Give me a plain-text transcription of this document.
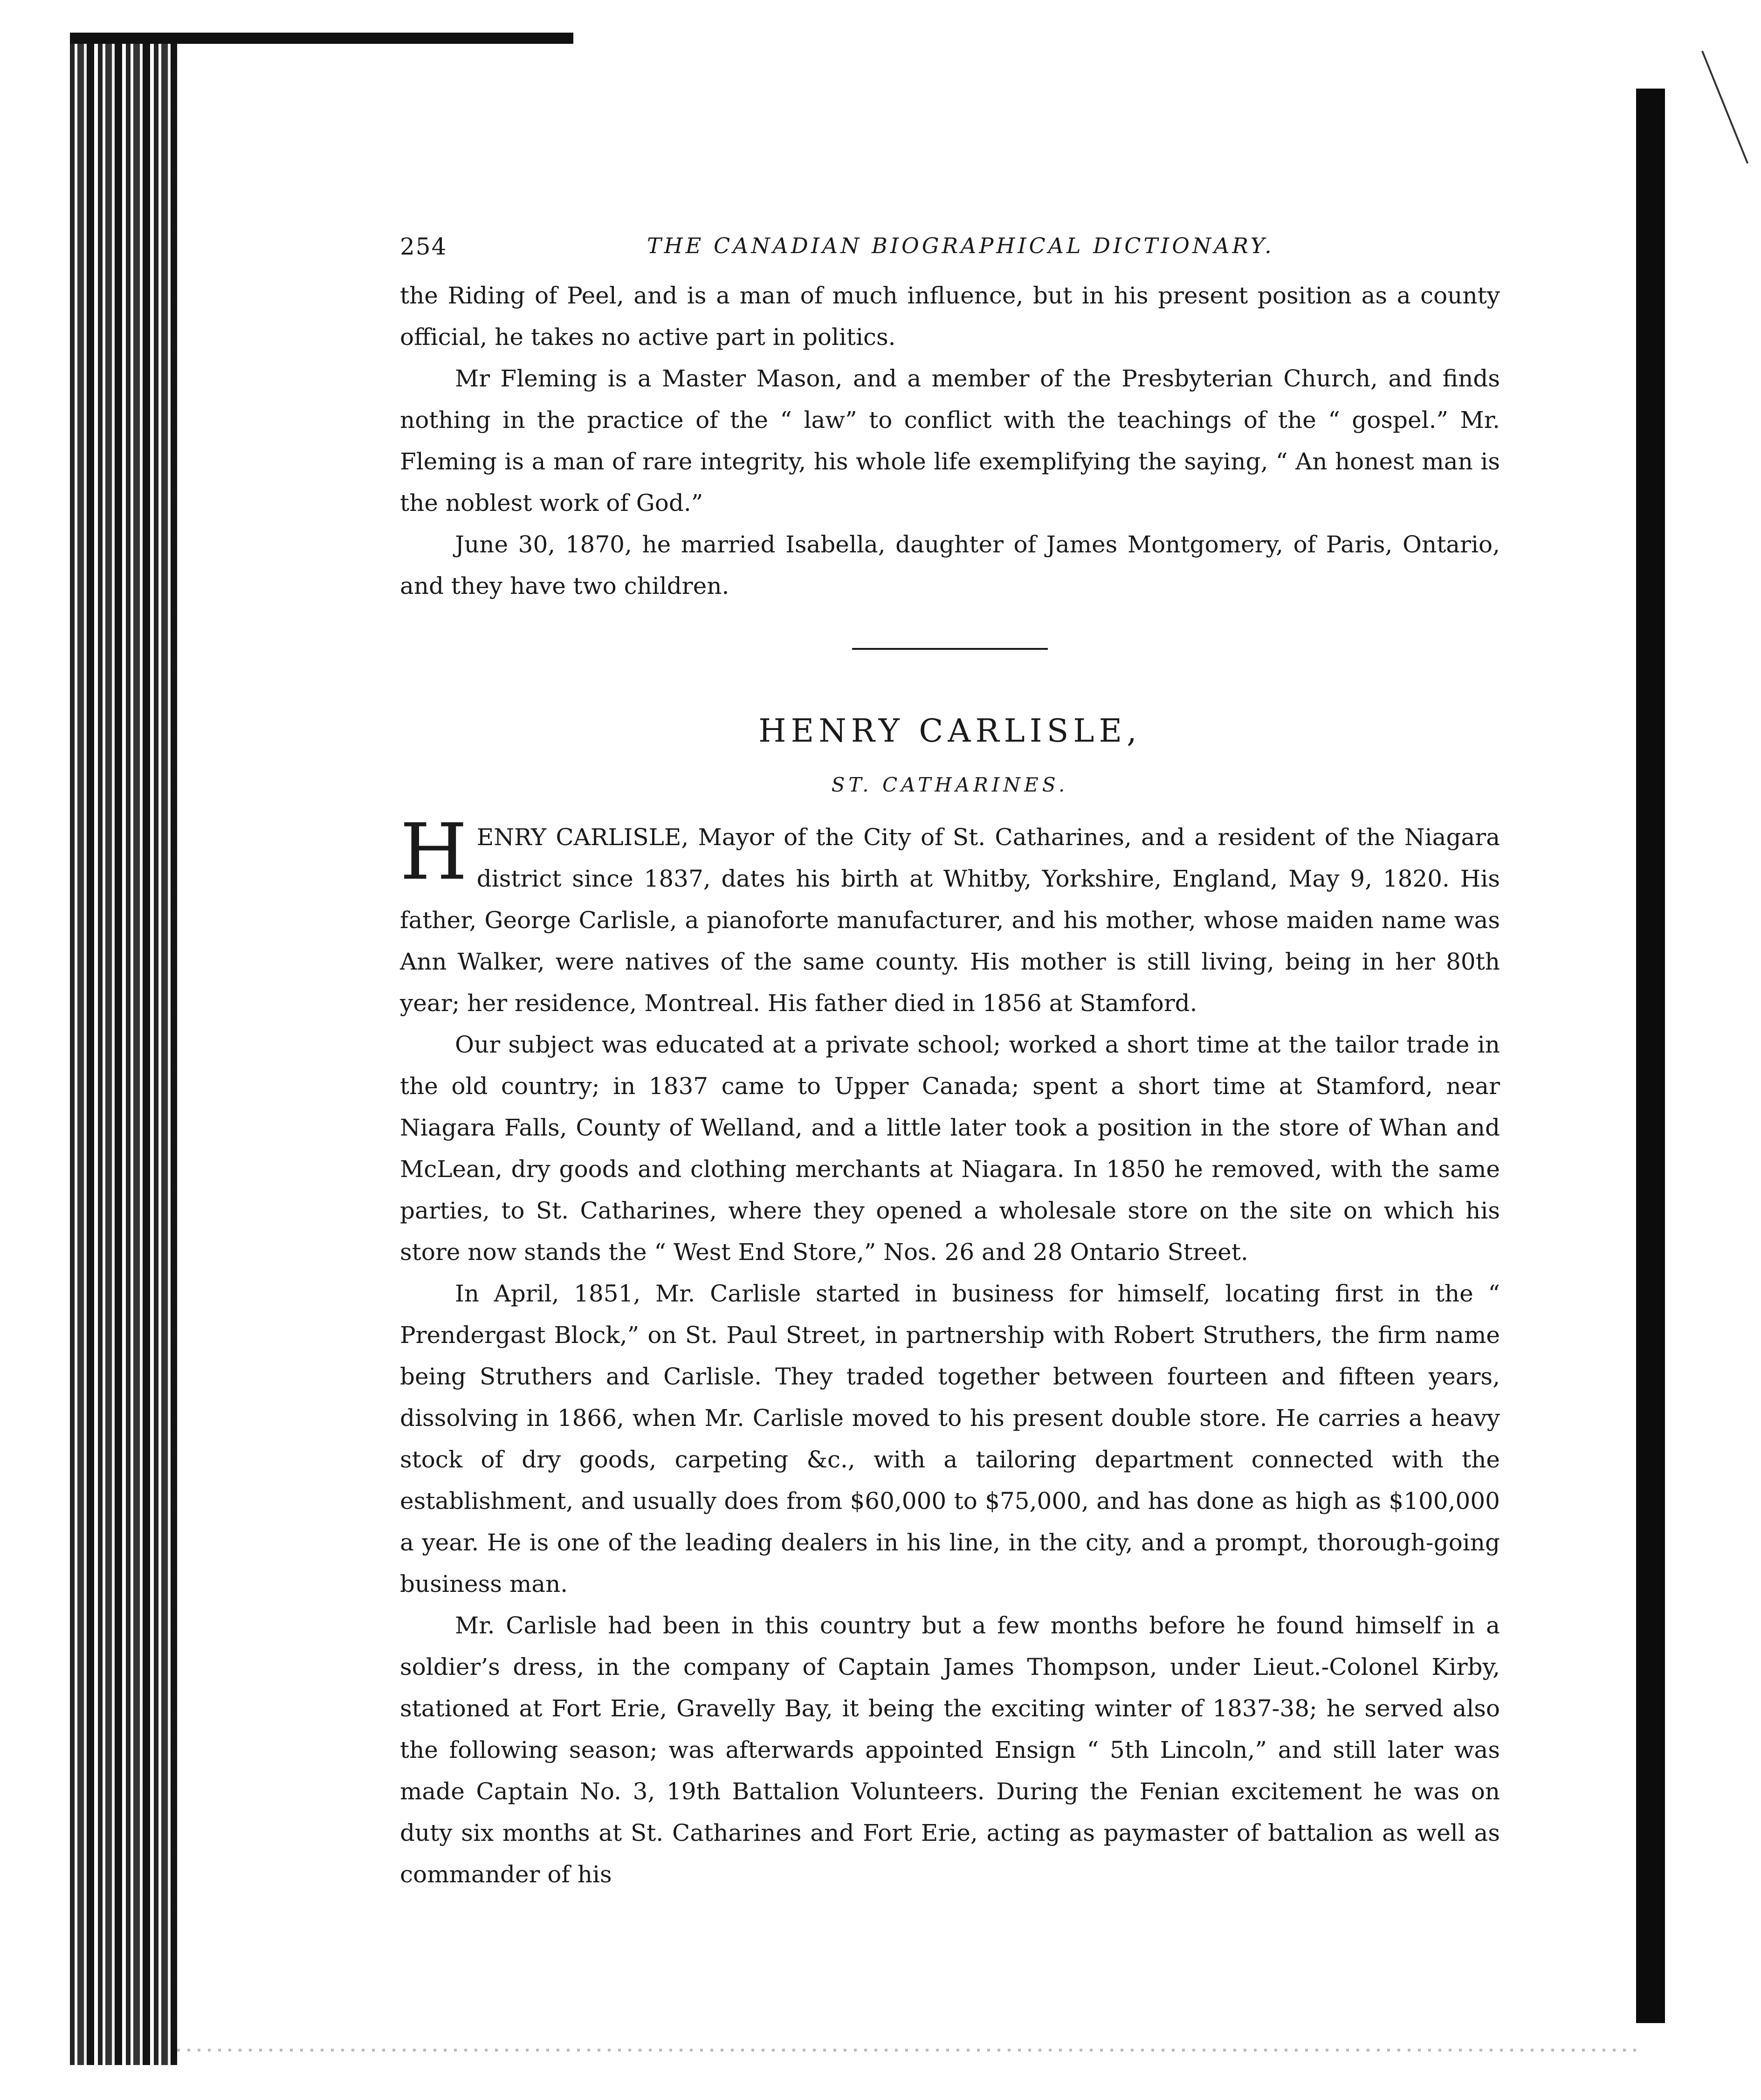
254	THE CANADIAN BIOGRAPHICAL DICTIONARY.

the Riding of Peel, and is a man of much influence, but in his present position as a county official, he takes no active part in politics.

Mr Fleming is a Master Mason, and a member of the Presbyterian Church, and finds nothing in the practice of the “ law” to conflict with the teachings of the “ gospel.” Mr. Fleming is a man of rare integrity, his whole life exemplifying the saying, “ An honest man is the noblest work of God.”

June 30, 1870, he married Isabella, daughter of James Montgomery, of Paris, Ontario, and they have two children.

HENRY CARLISLE,
ST. CATHARINES.

HENRY CARLISLE, Mayor of the City of St. Catharines, and a resident of the Niagara district since 1837, dates his birth at Whitby, Yorkshire, England, May 9, 1820. His father, George Carlisle, a pianoforte manufacturer, and his mother, whose maiden name was Ann Walker, were natives of the same county. His mother is still living, being in her 80th year; her residence, Montreal. His father died in 1856 at Stamford.

Our subject was educated at a private school; worked a short time at the tailor trade in the old country; in 1837 came to Upper Canada; spent a short time at Stamford, near Niagara Falls, County of Welland, and a little later took a position in the store of Whan and McLean, dry goods and clothing merchants at Niagara. In 1850 he removed, with the same parties, to St. Catharines, where they opened a wholesale store on the site on which his store now stands the “ West End Store,” Nos. 26 and 28 Ontario Street.

In April, 1851, Mr. Carlisle started in business for himself, locating first in the “ Prendergast Block,” on St. Paul Street, in partnership with Robert Struthers, the firm name being Struthers and Carlisle. They traded together between fourteen and fifteen years, dissolving in 1866, when Mr. Carlisle moved to his present double store. He carries a heavy stock of dry goods, carpeting &c., with a tailoring department connected with the establishment, and usually does from $60,000 to $75,000, and has done as high as $100,000 a year. He is one of the leading dealers in his line, in the city, and a prompt, thorough-going business man.

Mr. Carlisle had been in this country but a few months before he found himself in a soldier’s dress, in the company of Captain James Thompson, under Lieut.-Colonel Kirby, stationed at Fort Erie, Gravelly Bay, it being the exciting winter of 1837-38; he served also the following season; was afterwards appointed Ensign “ 5th Lincoln,” and still later was made Captain No. 3, 19th Battalion Volunteers. During the Fenian excitement he was on duty six months at St. Catharines and Fort Erie, acting as paymaster of battalion as well as commander of his
